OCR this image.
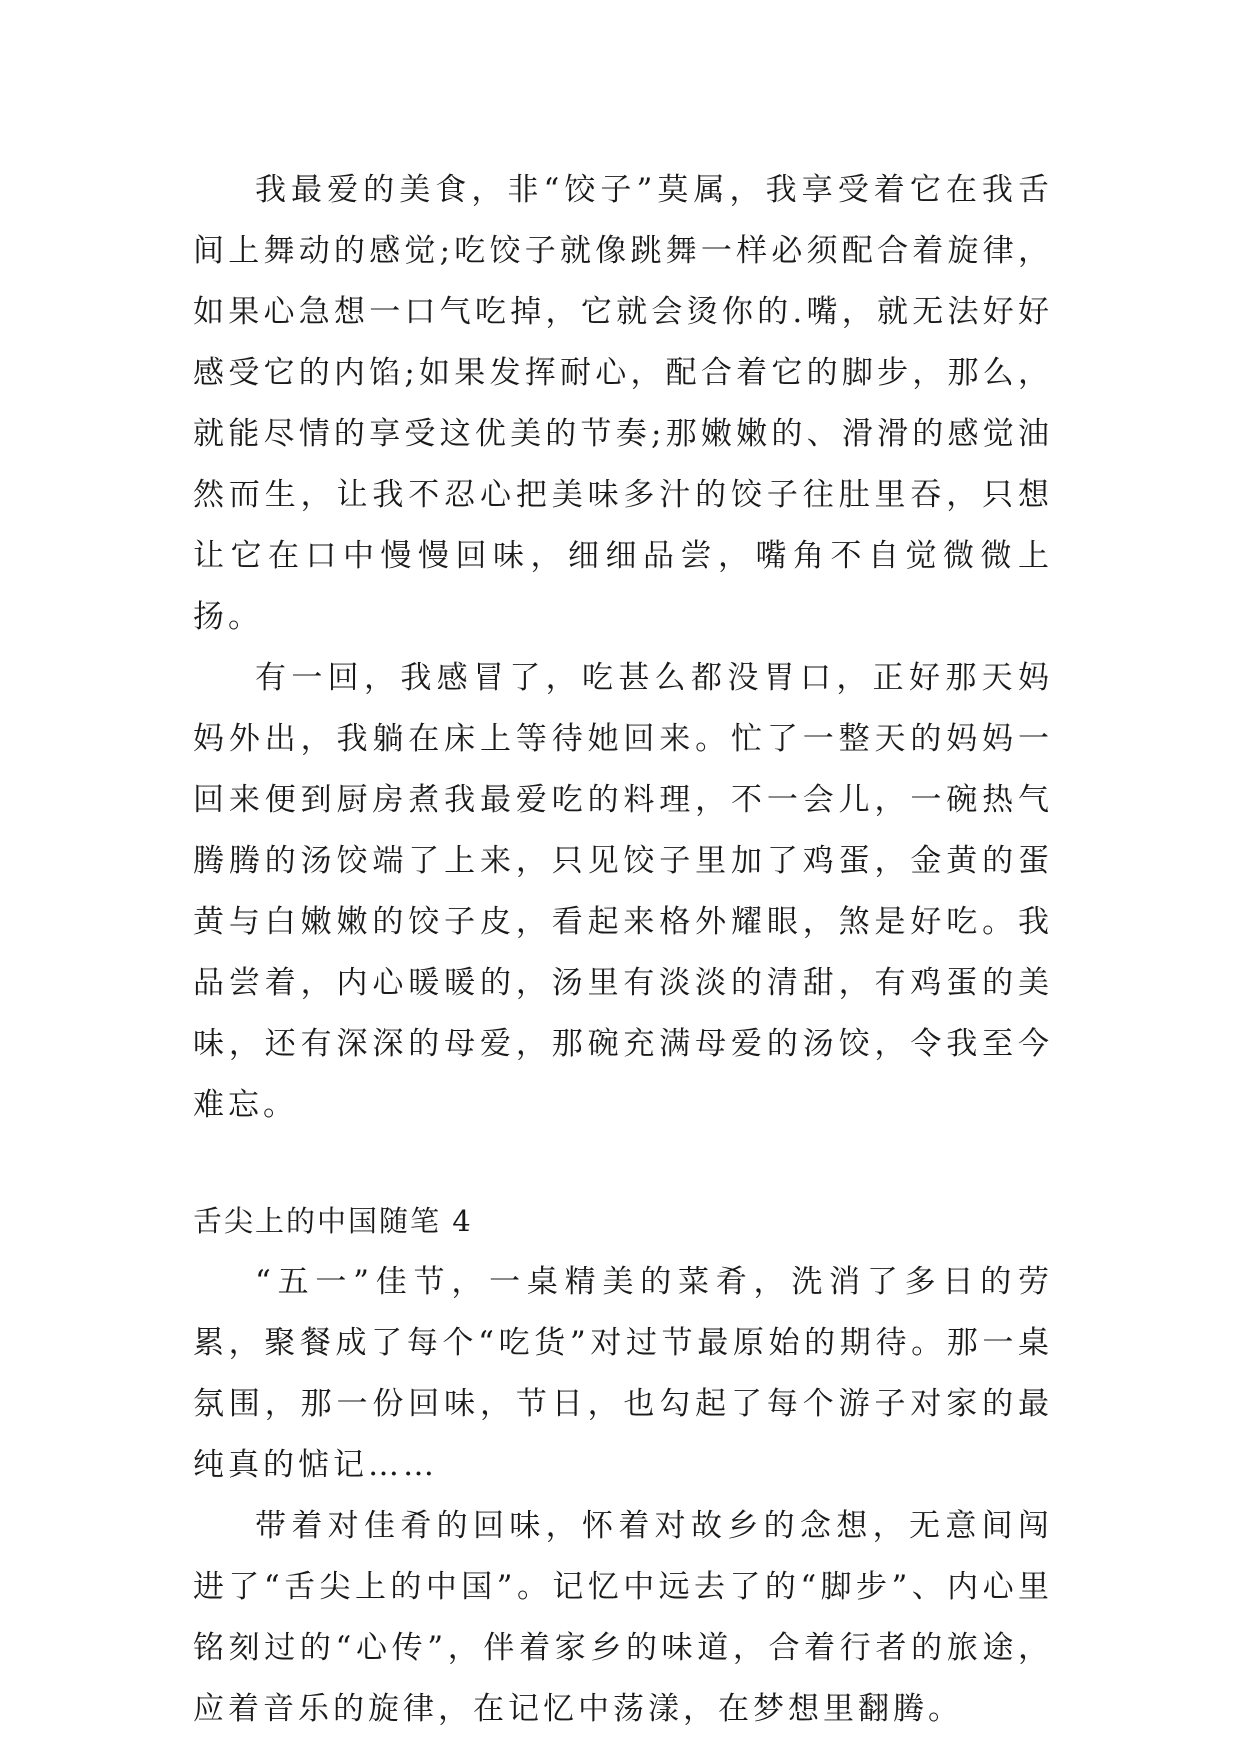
我最爱的美食，非“饺子”莫属，我享受着它在我舌间上舞动的感觉;吃饺子就像跳舞一样必须配合着旋律，如果心急想一口气吃掉，它就会烫你的.嘴，就无法好好感受它的内馅;如果发挥耐心，配合着它的脚步，那么，就能尽情的享受这优美的节奏;那嫩嫩的、滑滑的感觉油然而生，让我不忍心把美味多汁的饺子往肚里吞，只想让它在口中慢慢回味，细细品尝，嘴角不自觉微微上扬。

有一回，我感冒了，吃甚么都没胃口，正好那天妈妈外出，我躺在床上等待她回来。忙了一整天的妈妈一回来便到厨房煮我最爱吃的料理，不一会儿，一碗热气腾腾的汤饺端了上来，只见饺子里加了鸡蛋，金黄的蛋黄与白嫩嫩的饺子皮，看起来格外耀眼，煞是好吃。我品尝着，内心暖暖的，汤里有淡淡的清甜，有鸡蛋的美味，还有深深的母爱，那碗充满母爱的汤饺，令我至今难忘。

舌尖上的中国随笔 4

“五一”佳节，一桌精美的菜肴，洗消了多日的劳累，聚餐成了每个“吃货”对过节最原始的期待。那一桌氛围，那一份回味，节日，也勾起了每个游子对家的最纯真的惦记……

带着对佳肴的回味，怀着对故乡的念想，无意间闯进了“舌尖上的中国”。记忆中远去了的“脚步”、内心里铭刻过的“心传”，伴着家乡的味道，合着行者的旅途，应着音乐的旋律，在记忆中荡漾，在梦想里翻腾。
